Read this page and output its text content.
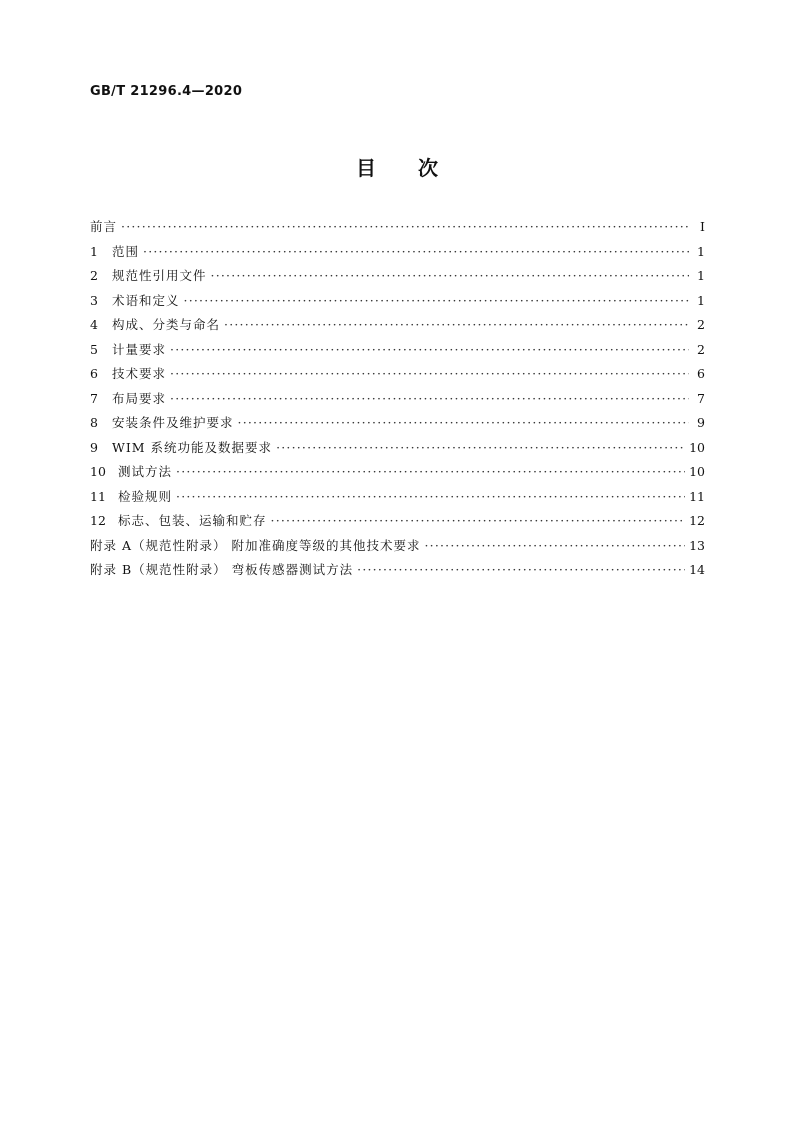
GB/T 21296.4—2020
目次
前言 ·····	Ⅰ
1	范围 ·····	1
2	规范性引用文件 ·····	1
3	术语和定义 ·····	1
4	构成、分类与命名 ·····	2
5	计量要求 ·····	2
6	技术要求 ·····	6
7	布局要求 ·····	7
8	安装条件及维护要求 ·····	9
9	WIM 系统功能及数据要求 ·····	10
10 测试方法 ·····	10
11 检验规则 ·····	11
12 标志、包装、运输和贮存 ·····	12
附录 A（规范性附录） 附加准确度等级的其他技术要求 ·····	13
附录 B（规范性附录） 弯板传感器测试方法 ·····	14
